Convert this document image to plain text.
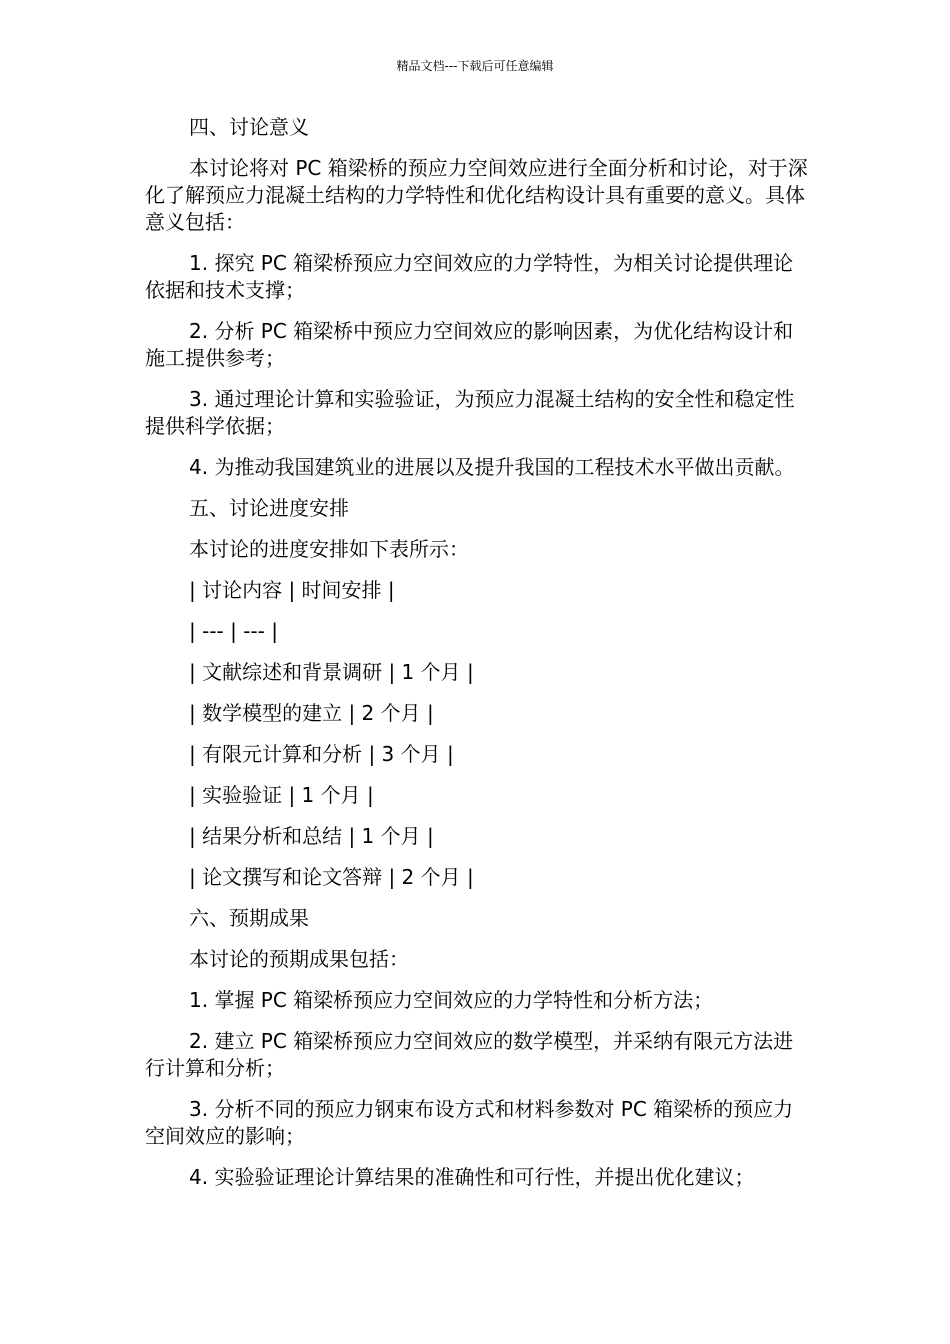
精品文档---下载后可任意编辑

四、讨论意义

本讨论将对 PC 箱梁桥的预应力空间效应进行全面分析和讨论，对于深化了解预应力混凝土结构的力学特性和优化结构设计具有重要的意义。具体意义包括：

1. 探究 PC 箱梁桥预应力空间效应的力学特性，为相关讨论提供理论依据和技术支撑；

2. 分析 PC 箱梁桥中预应力空间效应的影响因素，为优化结构设计和施工提供参考；

3. 通过理论计算和实验验证，为预应力混凝土结构的安全性和稳定性提供科学依据；

4. 为推动我国建筑业的进展以及提升我国的工程技术水平做出贡献。

五、讨论进度安排

本讨论的进度安排如下表所示：

| 讨论内容 | 时间安排 |

| --- | --- |

| 文献综述和背景调研 | 1 个月 |

| 数学模型的建立 | 2 个月 |

| 有限元计算和分析 | 3 个月 |

| 实验验证 | 1 个月 |

| 结果分析和总结 | 1 个月 |

| 论文撰写和论文答辩 | 2 个月 |

六、预期成果

本讨论的预期成果包括：

1. 掌握 PC 箱梁桥预应力空间效应的力学特性和分析方法；

2. 建立 PC 箱梁桥预应力空间效应的数学模型，并采纳有限元方法进行计算和分析；

3. 分析不同的预应力钢束布设方式和材料参数对 PC 箱梁桥的预应力空间效应的影响；

4. 实验验证理论计算结果的准确性和可行性，并提出优化建议；
